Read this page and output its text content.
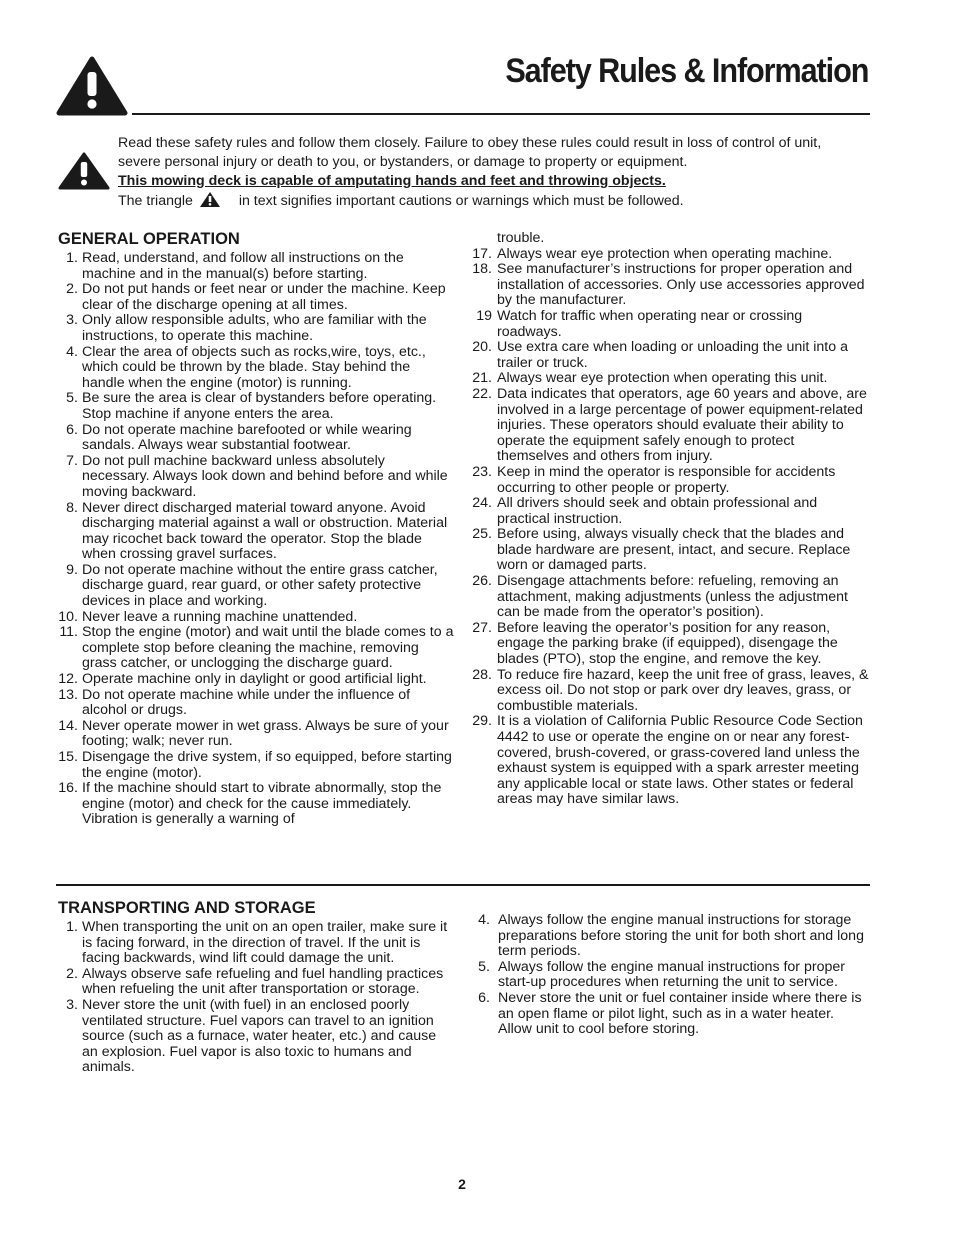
Safety Rules & Information

Read these safety rules and follow them closely. Failure to obey these rules could result in loss of control of unit, severe personal injury or death to you, or bystanders, or damage to property or equipment.

This mowing deck is capable of amputating hands and feet and throwing objects.

The triangle	in text signifies important cautions or warnings which must be followed.

GENERAL OPERATION
1. Read, understand, and follow all instructions on the machine and in the manual(s) before starting.
2. Do not put hands or feet near or under the machine. Keep clear of the discharge opening at all times.
3. Only allow responsible adults, who are familiar with the instructions, to operate this machine.
4. Clear the area of objects such as rocks,wire, toys, etc., which could be thrown by the blade. Stay behind the handle when the engine (motor) is running.
5. Be sure the area is clear of bystanders before operating. Stop machine if anyone enters the area.
6. Do not operate machine barefooted or while wearing sandals. Always wear substantial footwear.
7. Do not pull machine backward unless absolutely necessary. Always look down and behind before and while moving backward.
8. Never direct discharged material toward anyone. Avoid discharging material against a wall or obstruction. Material may ricochet back toward the operator. Stop the blade when crossing gravel surfaces.
9. Do not operate machine without the entire grass catcher, discharge guard, rear guard, or other safety protective devices in place and working.
10. Never leave a running machine unattended.
11. Stop the engine (motor) and wait until the blade comes to a complete stop before cleaning the machine, removing grass catcher, or unclogging the discharge guard.
12. Operate machine only in daylight or good artificial light.
13. Do not operate machine while under the influence of alcohol or drugs.
14. Never operate mower in wet grass. Always be sure of your footing; walk; never run.
15. Disengage the drive system, if so equipped, before starting the engine (motor).
16. If the machine should start to vibrate abnormally, stop the engine (motor) and check for the cause immediately. Vibration is generally a warning of
trouble.
17. Always wear eye protection when operating machine.
18. See manufacturer’s instructions for proper operation and installation of accessories. Only use accessories approved by the manufacturer.
19 Watch for traffic when operating near or crossing roadways.
20. Use extra care when loading or unloading the unit into a trailer or truck.
21. Always wear eye protection when operating this unit.
22. Data indicates that operators, age 60 years and above, are involved in a large percentage of power equipment-related injuries. These operators should evaluate their ability to operate the equipment safely enough to protect themselves and others from injury.
23. Keep in mind the operator is responsible for accidents occurring to other people or property.
24. All drivers should seek and obtain professional and practical instruction.
25. Before using, always visually check that the blades and blade hardware are present, intact, and secure. Replace worn or damaged parts.
26. Disengage attachments before: refueling, removing an attachment, making adjustments (unless the adjustment can be made from the operator’s position).
27. Before leaving the operator’s position for any reason, engage the parking brake (if equipped), disengage the blades (PTO), stop the engine, and remove the key.
28. To reduce fire hazard, keep the unit free of grass, leaves, & excess oil. Do not stop or park over dry leaves, grass, or combustible materials.
29. It is a violation of California Public Resource Code Section 4442 to use or operate the engine on or near any forest-covered, brush-covered, or grass-covered land unless the exhaust system is equipped with a spark arrester meeting any applicable local or state laws. Other states or federal areas may have similar laws.
TRANSPORTING AND STORAGE
1. When transporting the unit on an open trailer, make sure it is facing forward, in the direction of travel. If the unit is facing backwards, wind lift could damage the unit.
2. Always observe safe refueling and fuel handling practices when refueling the unit after transportation or storage.
3. Never store the unit (with fuel) in an enclosed poorly ventilated structure. Fuel vapors can travel to an ignition source (such as a furnace, water heater, etc.) and cause an explosion. Fuel vapor is also toxic to humans and animals.
4. Always follow the engine manual instructions for storage preparations before storing the unit for both short and long term periods.
5. Always follow the engine manual instructions for proper start-up procedures when returning the unit to service.
6. Never store the unit or fuel container inside where there is an open flame or pilot light, such as in a water heater. Allow unit to cool before storing.
2
